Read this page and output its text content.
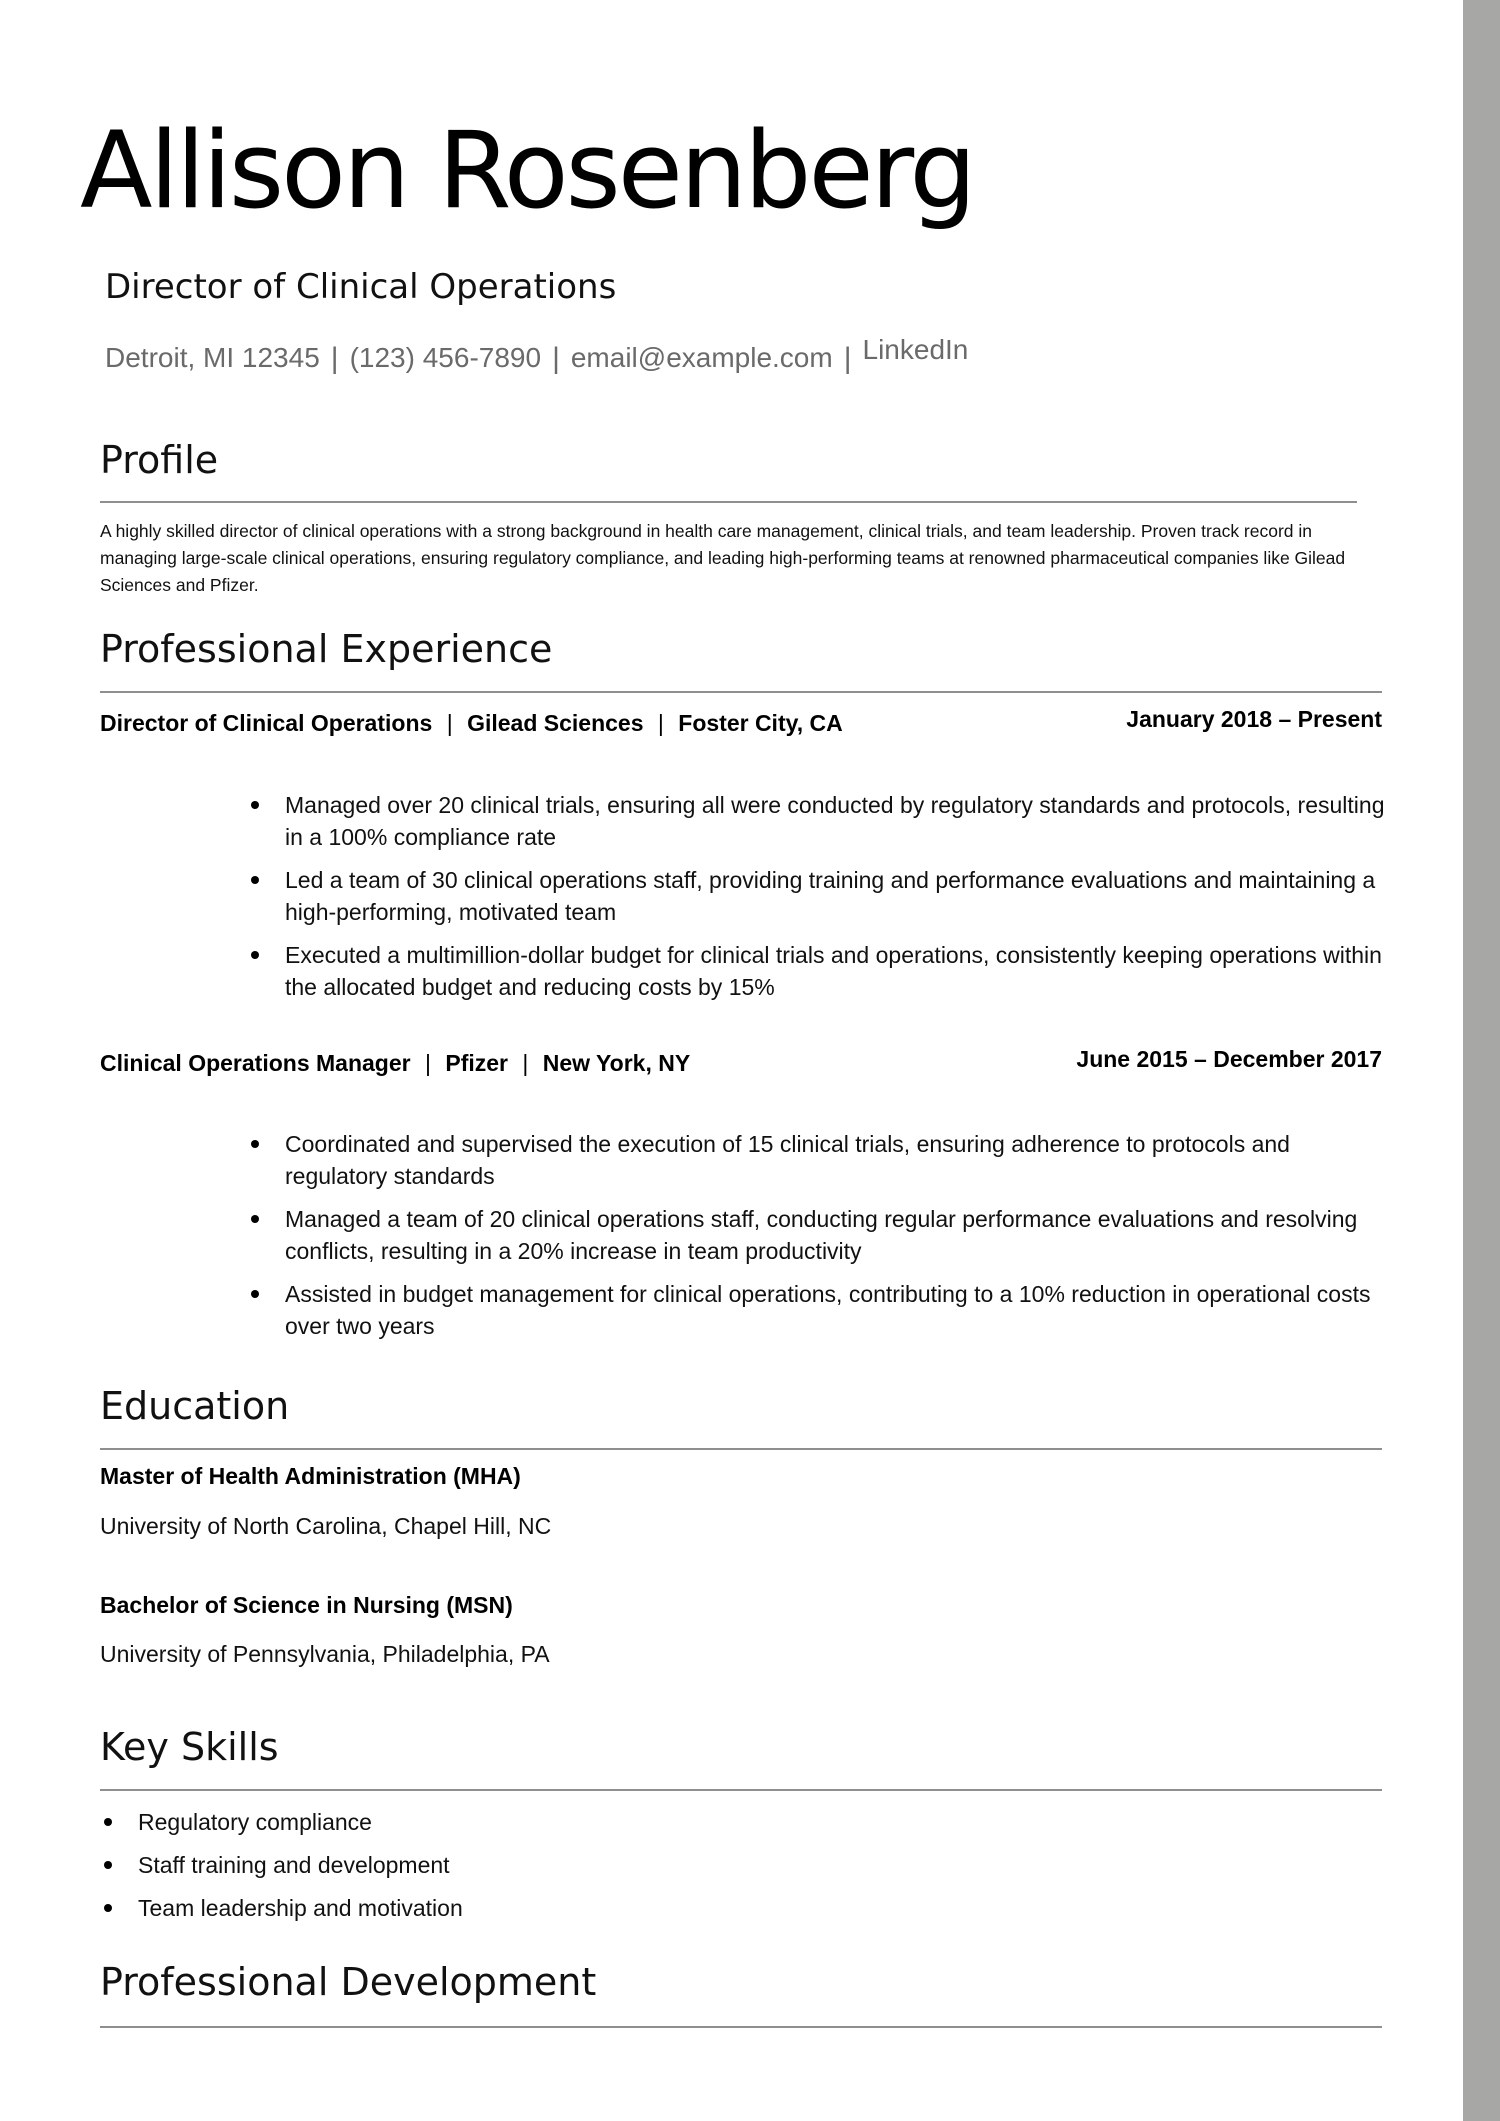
Allison Rosenberg
Director of Clinical Operations
Detroit, MI 12345 | (123) 456-7890 | email@example.com | LinkedIn
Profile

A highly skilled director of clinical operations with a strong background in health care management, clinical trials, and team leadership. Proven track record in managing large-scale clinical operations, ensuring regulatory compliance, and leading high-performing teams at renowned pharmaceutical companies like Gilead Sciences and Pfizer.

Professional Experience
Director of Clinical Operations | Gilead Sciences | Foster City, CA	January 2018 – Present
Managed over 20 clinical trials, ensuring all were conducted by regulatory standards and protocols, resulting in a 100% compliance rate
Led a team of 30 clinical operations staff, providing training and performance evaluations and maintaining a high-performing, motivated team
Executed a multimillion-dollar budget for clinical trials and operations, consistently keeping operations within the allocated budget and reducing costs by 15%
Clinical Operations Manager | Pfizer | New York, NY	June 2015 – December 2017
Coordinated and supervised the execution of 15 clinical trials, ensuring adherence to protocols and regulatory standards
Managed a team of 20 clinical operations staff, conducting regular performance evaluations and resolving conflicts, resulting in a 20% increase in team productivity
Assisted in budget management for clinical operations, contributing to a 10% reduction in operational costs over two years
Education

Master of Health Administration (MHA)

University of North Carolina, Chapel Hill, NC

Bachelor of Science in Nursing (MSN)

University of Pennsylvania, Philadelphia, PA

Key Skills
Regulatory compliance
Staff training and development
Team leadership and motivation
Professional Development
